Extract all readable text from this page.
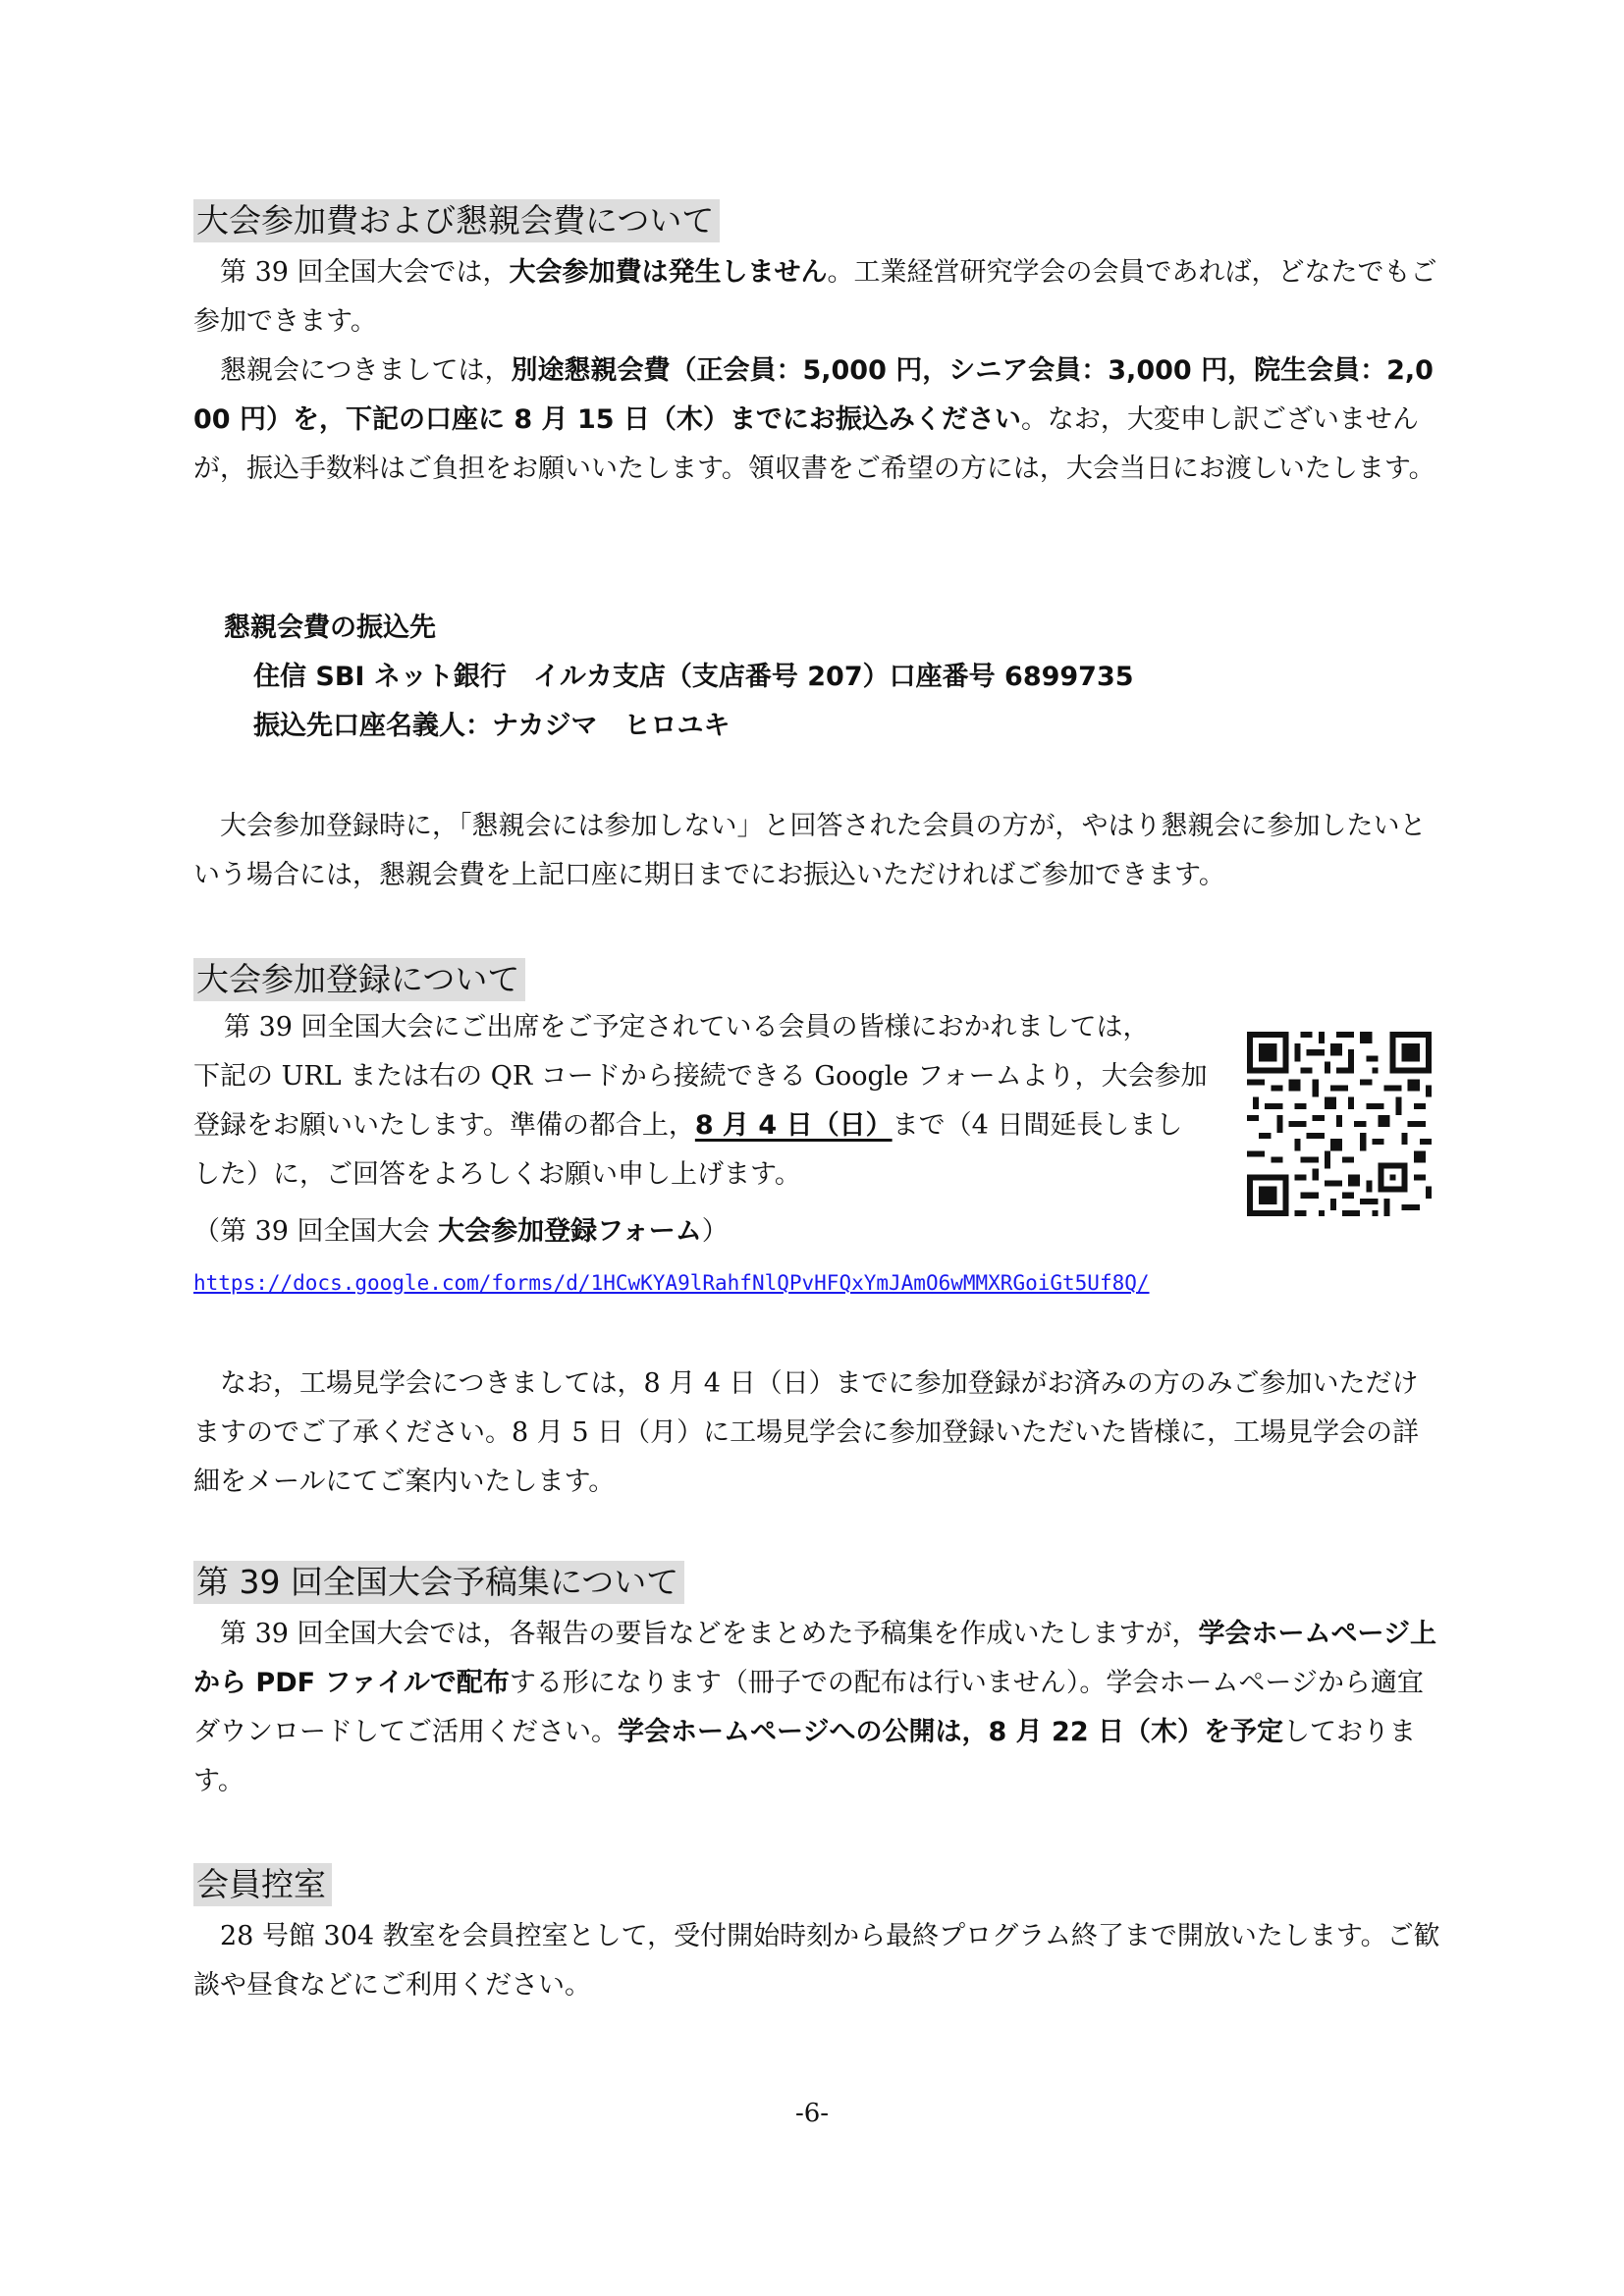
大会参加費および懇親会費について

第 39 回全国大会では，大会参加費は発生しません。工業経営研究学会の会員であれば，どなたでもご参加できます。

懇親会につきましては，別途懇親会費（正会員：5,000 円，シニア会員：3,000 円，院生会員：2,000 円）を，下記の口座に 8 月 15 日（木）までにお振込みください。なお，大変申し訳ございませんが，振込手数料はご負担をお願いいたします。領収書をご希望の方には，大会当日にお渡しいたします。

懇親会費の振込先

住信 SBI ネット銀行　イルカ支店（支店番号 207）口座番号 6899735

振込先口座名義人：ナカジマ　ヒロユキ

大会参加登録時に，「懇親会には参加しない」と回答された会員の方が，やはり懇親会に参加したいという場合には，懇親会費を上記口座に期日までにお振込いただければご参加できます。

大会参加登録について

第 39 回全国大会にご出席をご予定されている会員の皆様におかれましては，

下記の URL または右の QR コードから接続できる Google フォームより，大会参加

登録をお願いいたします。準備の都合上，8 月 4 日（日）まで（4 日間延長しまし

した）に，ご回答をよろしくお願い申し上げます。

（第 39 回全国大会 大会参加登録フォーム）

https://docs.google.com/forms/d/1HCwKYA9lRahfNlQPvHFQxYmJAmO6wMMXRGoiGt5Uf8Q/

なお，工場見学会につきましては，8 月 4 日（日）までに参加登録がお済みの方のみご参加いただけますのでご了承ください。8 月 5 日（月）に工場見学会に参加登録いただいた皆様に，工場見学会の詳細をメールにてご案内いたします。

第 39 回全国大会予稿集について

第 39 回全国大会では，各報告の要旨などをまとめた予稿集を作成いたしますが，学会ホームページ上から PDF ファイルで配布する形になります（冊子での配布は行いません）。学会ホームページから適宜ダウンロードしてご活用ください。学会ホームページへの公開は，8 月 22 日（木）を予定しております。

会員控室

28 号館 304 教室を会員控室として，受付開始時刻から最終プログラム終了まで開放いたします。ご歓談や昼食などにご利用ください。

-6-
